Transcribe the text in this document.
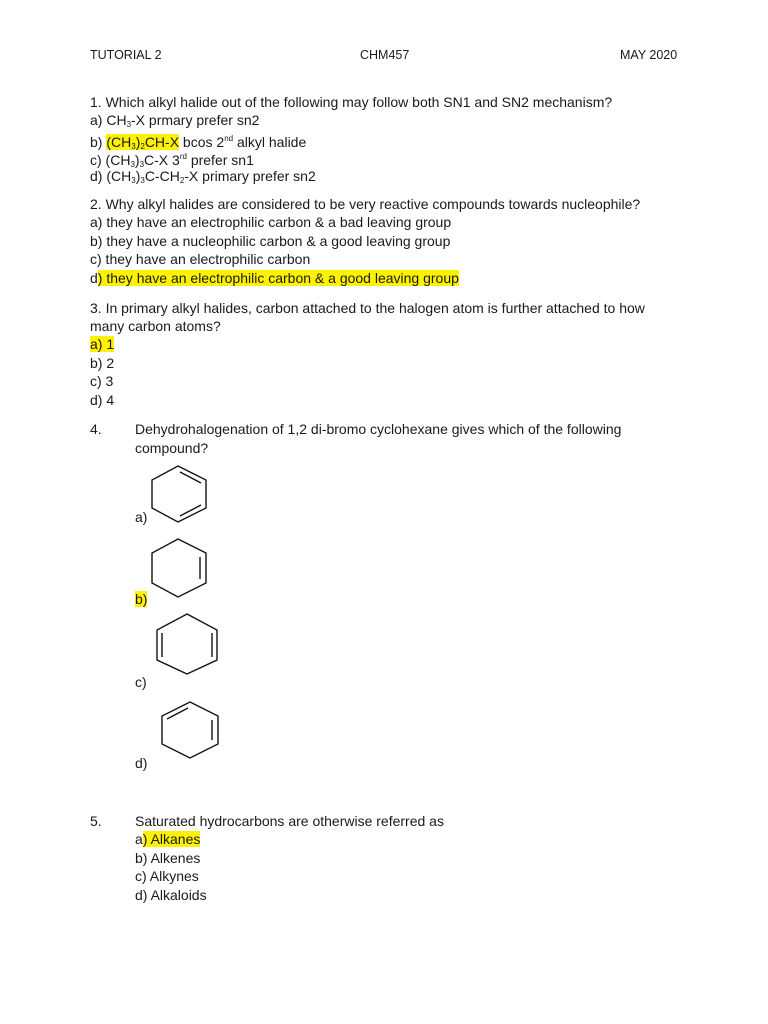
TUTORIAL 2	CHM457	MAY 2020
1. Which alkyl halide out of the following may follow both SN1 and SN2 mechanism?
a) $CH_3-X$ prmary prefer sn2
b) $(CH_3)_2CH-X$ bcos 2nd alkyl halide
c) $(CH_3)_3C-X$ 3rd prefer sn1
d) $(CH_3)_3C-CH_2-X$ primary prefer sn2
2. Why alkyl halides are considered to be very reactive compounds towards nucleophile?
a) they have an electrophilic carbon & a bad leaving group
b) they have a nucleophilic carbon & a good leaving group
c) they have an electrophilic carbon
d) they have an electrophilic carbon & a good leaving group
3. In primary alkyl halides, carbon attached to the halogen atom is further attached to how
many carbon atoms?
a) 1
b) 2
c) 3
d) 4
4. Dehydrohalogenation of 1,2 di-bromo cyclohexane gives which of the following
compound?
a)
b)
c)
d)
5. Saturated hydrocarbons are otherwise referred as
a) Alkanes
b) Alkenes
c) Alkynes
d) Alkaloids
